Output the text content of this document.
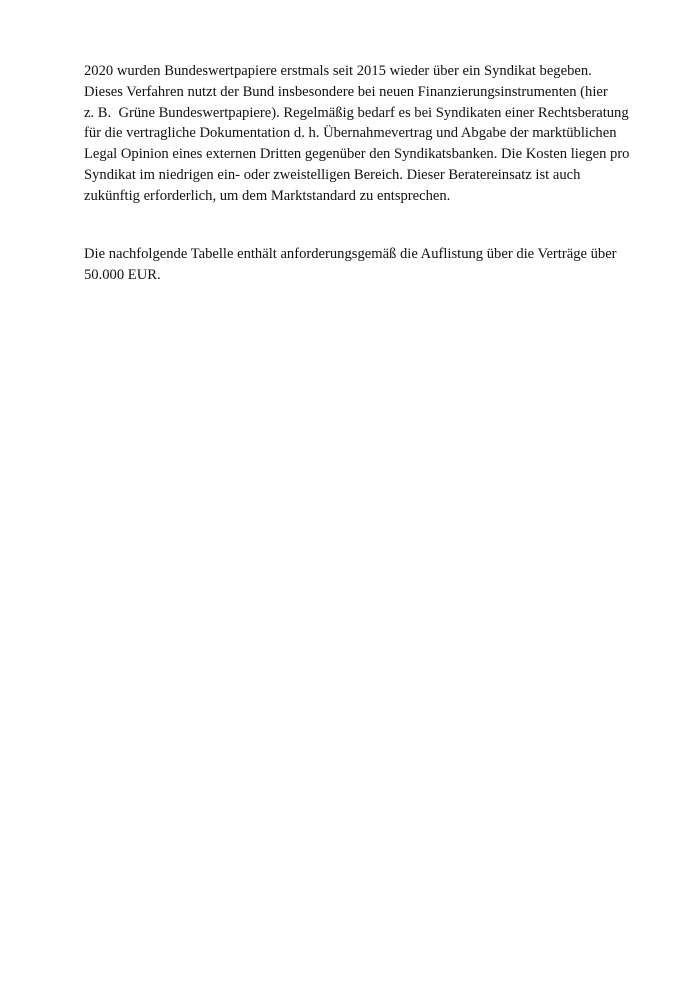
2020 wurden Bundeswertpapiere erstmals seit 2015 wieder über ein Syndikat begeben.
Dieses Verfahren nutzt der Bund insbesondere bei neuen Finanzierungsinstrumenten (hier
z. B.  Grüne Bundeswertpapiere). Regelmäßig bedarf es bei Syndikaten einer Rechtsberatung
für die vertragliche Dokumentation d. h. Übernahmevertrag und Abgabe der marktüblichen
Legal Opinion eines externen Dritten gegenüber den Syndikatsbanken. Die Kosten liegen pro
Syndikat im niedrigen ein- oder zweistelligen Bereich. Dieser Beratereinsatz ist auch
zukünftig erforderlich, um dem Marktstandard zu entsprechen.
Die nachfolgende Tabelle enthält anforderungsgemäß die Auflistung über die Verträge über
50.000 EUR.
